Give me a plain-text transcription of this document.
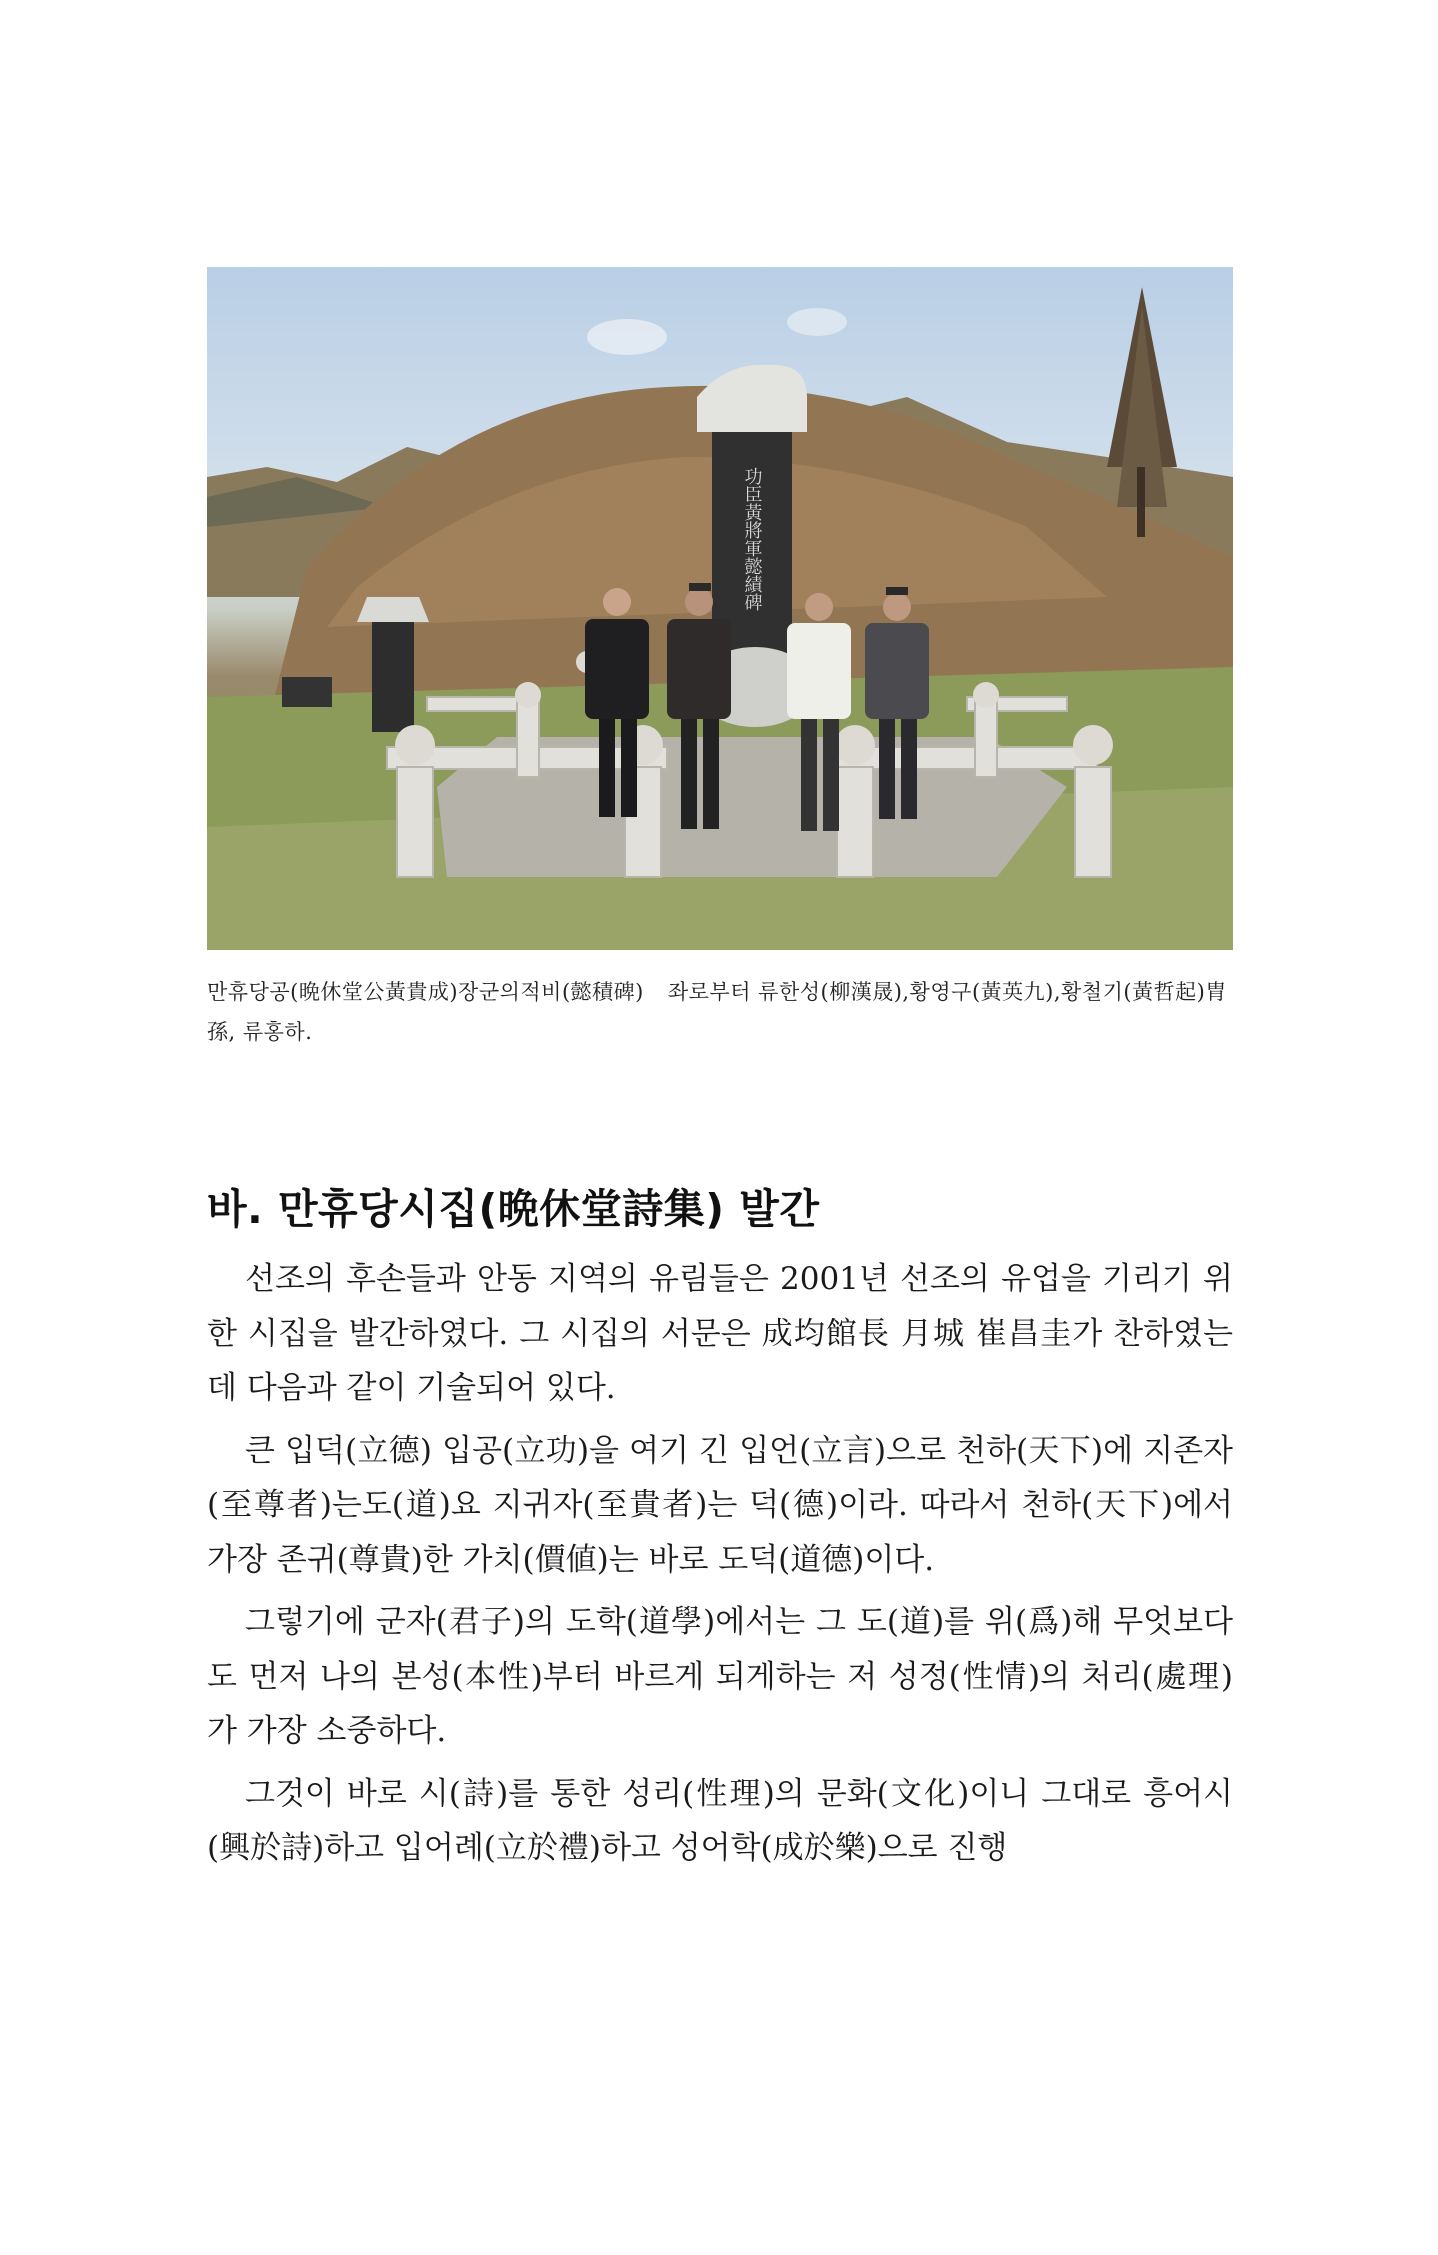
功臣黃將軍懿績碑
만휴당공(晩休堂公黃貴成)장군의적비(懿積碑) 좌로부터 류한성(柳漢晟),황영구(黃英九),황철기(黃哲起)胄孫, 류홍하.
바. 만휴당시집(晩休堂詩集) 발간

선조의 후손들과 안동 지역의 유림들은 2001년 선조의 유업을 기리기 위한 시집을 발간하였다. 그 시집의 서문은 成均館長 月城 崔昌圭가 찬하였는데 다음과 같이 기술되어 있다.

큰 입덕(立德) 입공(立功)을 여기 긴 입언(立言)으로 천하(天下)에 지존자(至尊者)는도(道)요 지귀자(至貴者)는 덕(德)이라. 따라서 천하(天下)에서 가장 존귀(尊貴)한 가치(價値)는 바로 도덕(道德)이다.

그렇기에 군자(君子)의 도학(道學)에서는 그 도(道)를 위(爲)해 무엇보다도 먼저 나의 본성(本性)부터 바르게 되게하는 저 성정(性情)의 처리(處理)가 가장 소중하다.

그것이 바로 시(詩)를 통한 성리(性理)의 문화(文化)이니 그대로 흥어시(興於詩)하고 입어례(立於禮)하고 성어학(成於樂)으로 진행
